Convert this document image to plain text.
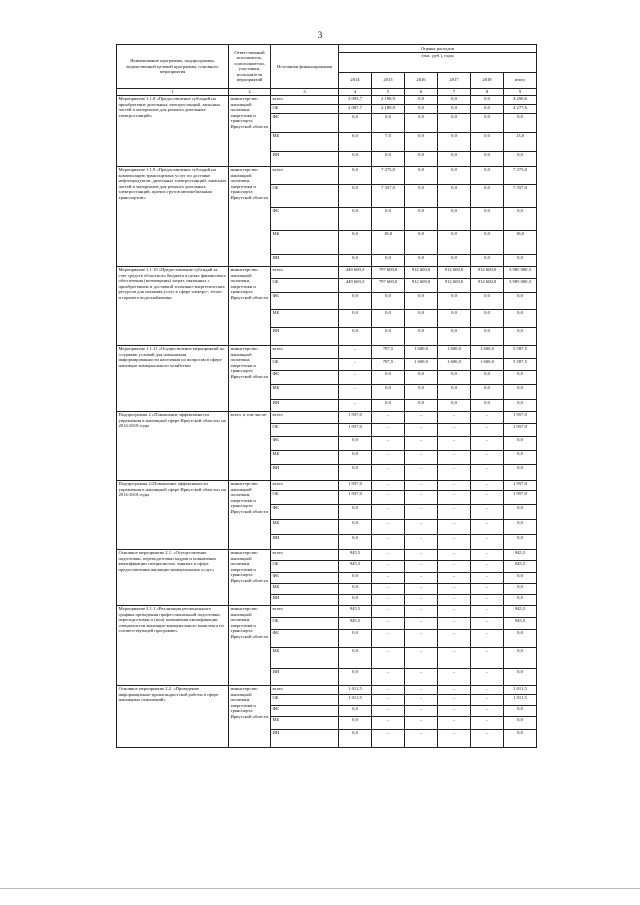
3
Наименование программы, подпрограммы, ведомственной целевой программы, основного мероприятия	Ответственный исполнитель, соисполнители, участники, исполнители мероприятий	Источники финансирования	Оценка расходов					
			(тыс. руб.), годы					
			2014	2015	2016	2017	2018	итого
1	2	3	4	5	6	7	8	9
Мероприятие 1.1.8 «Предоставление субсидий на приобретение дизельных электростанций, запасных частей и материалов для ремонта дизельных электростанций»	министерство жилищной политики, энергетики и транспорта Иркутской области	всего	2 093,7	2 196,9	0,0	0,0	0,0	4 290,6
		ОБ	2 087,7	2 189,9	0,0	0,0	0,0	4 277,6
		ФБ	0,0	0,0	0,0	0,0	0,0	0,0
		МБ	6,0	7,0	0,0	0,0	0,0	13,0
		ИИ	0,0	0,0	0,0	0,0	0,0	0,0
Мероприятие 1.1.9 «Предоставление субсидий на компенсацию транспортных услуг по доставке нефтепродуктов, дизельных электростанций, запасных частей и материалов для ремонта дизельных электростанций, прочих грузов автомобильным транспортом»	министерство жилищной политики, энергетики и транспорта Иркутской области	всего	0,0	7 375,0	0,0	0,0	0,0	7 375,0
		ОБ	0,0	7 357,0	0,0	0,0	0,0	7 357,0
		ФБ	0,0	0,0	0,0	0,0	0,0	0,0
		МБ	0,0	18,0	0,0	0,0	0,0	18,0
		ИИ	0,0	0,0	0,0	0,0	0,0	0,0
Мероприятие 1.1.10 «Предоставление субсидий за счет средств областного бюджета в целях финансового обеспечения (возмещения) затрат, связанных с приобретением и доставкой топливно-энергетических ресурсов для оказания услуг в сфере электро-, тепло- и горячего водоснабжения»	министерство жилищной политики, энергетики и транспорта Иркутской области	всего	449 600,3	797 600,0	912 600,0	912 600,0	912 600,0	3 985 000,3
		ОБ	449 600,3	797 600,0	912 600,0	912 600,0	912 600,0	3 985 000,3
		ФБ	0,0	0,0	0,0	0,0	0,0	0,0
		МБ	0,0	0,0	0,0	0,0	0,0	0,0
		ИИ	0,0	0,0	0,0	0,0	0,0	0,0
Мероприятие 1.1.11 «Осуществление мероприятий по созданию условий для повышения информированности населения по вопросам в сфере жилищно-коммунального хозяйства»	министерство жилищной политики, энергетики и транспорта Иркутской области	всего	–	787,5	1 600,0	1 600,0	1 600,0	5 587,5
		ОБ	–	787,5	1 600,0	1 600,0	1 600,0	5 587,5
		ФБ	–	0,0	0,0	0,0	0,0	0,0
		МБ	–	0,0	0,0	0,0	0,0	0,0
		ИИ	–	0,0	0,0	0,0	0,0	0,0
Подпрограмма 2 «Повышение эффективности управления в жилищной сфере Иркутской области» на 2014-2018 годы	всего, в том числе:	всего	1 957,0	–	–	–	–	1 957,0
		ОБ	1 957,0	–	–	–	–	1 957,0
		ФБ	0,0	–	–	–	–	0,0
		МБ	0,0	–	–	–	–	0,0
		ИИ	0,0	–	–	–	–	0,0
Подпрограмма 2«Повышение эффективности управления в жилищной сфере Иркутской области» на 2014-2018 годы	министерство жилищной политики, энергетики и транспорта Иркутской области	всего	1 957,0	–	–	–	–	1 957,0
		ОБ	1 957,0	–	–	–	–	1 957,0
		ФБ	0,0	–	–	–	–	0,0
		МБ	0,0	–	–	–	–	0,0
		ИИ	0,0	–	–	–	–	0,0
Основное мероприятие 2.1. «Осуществление подготовки, переподготовки кадров и повышения квалификации специалистов, занятых в сфере предоставления жилищно-коммунальных услуг»	министерство жилищной политики, энергетики и транспорта Иркутской области	всего	945,5	–	–	–	–	945,5
		ОБ	945,5	–	–	–	–	945,5
		ФБ	0,0	–	–	–	–	0,0
		МБ	0,0	–	–	–	–	0,0
		ИИ	0,0	–	–	–	–	0,0
Мероприятие 2.1.1 «Реализация регионального графика проведения профессиональной подготовки, переподготовки и (или) повышения квалификации специалистов жилищно-коммунального комплекса по соответствующей программе»	министерство жилищной политики, энергетики и транспорта Иркутской области	всего	945,5	–	–	–	–	945,5
		ОБ	945,5	–	–	–	–	945,5
		ФБ	0,0	–	–	–	–	0,0
		МБ	0,0	–	–	–	–	0,0
		ИИ	0,0	–	–	–	–	0,0
Основное мероприятие 2.2. «Проведение информационно-пропагандистской работы в сфере жилищных отношений»	министерство жилищной политики, энергетики и транспорта Иркутской области	всего	1 011,5	–	–	–	–	1 011,5
		ОБ	1 011,5	–	–	–	–	1 011,5
		ФБ	0,0	–	–	–	–	0,0
		МБ	0,0	–	–	–	–	0,0
		ИИ	0,0	–	–	–	–	0,0
